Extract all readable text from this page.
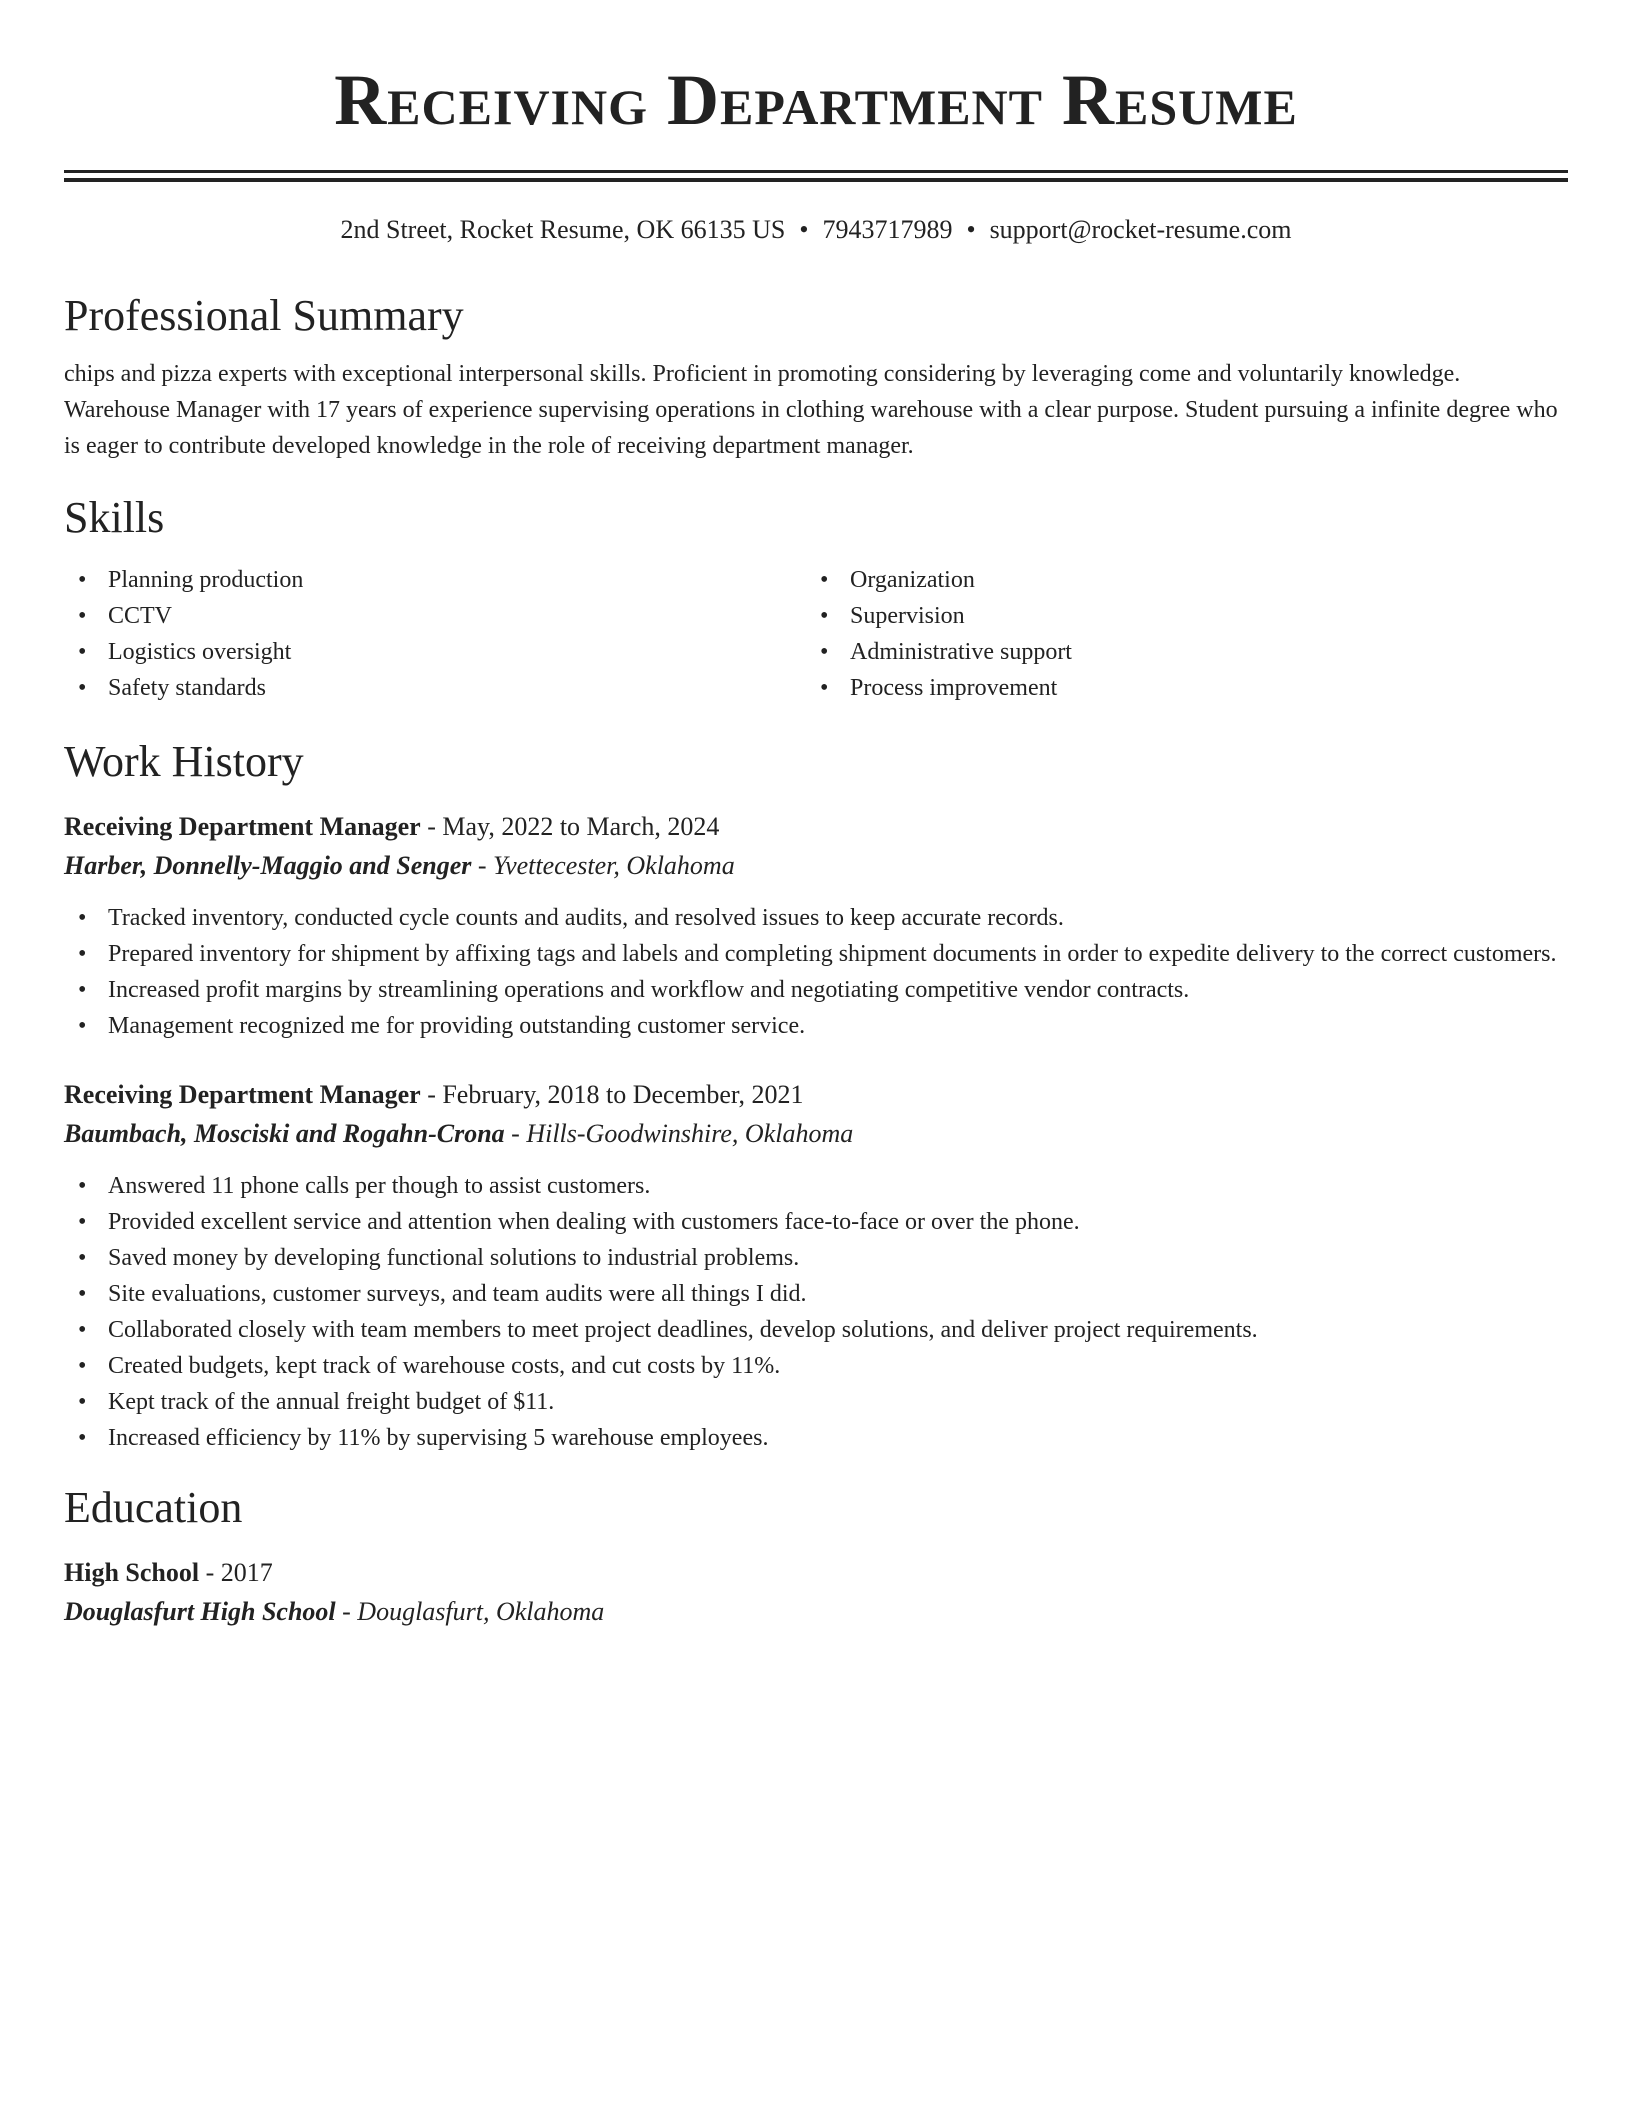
Receiving Department Resume
2nd Street, Rocket Resume, OK 66135 US • 7943717989 • support@rocket-resume.com
Professional Summary

chips and pizza experts with exceptional interpersonal skills. Proficient in promoting considering by leveraging come and voluntarily knowledge. Warehouse Manager with 17 years of experience supervising operations in clothing warehouse with a clear purpose. Student pursuing a infinite degree who is eager to contribute developed knowledge in the role of receiving department manager.

Skills
• Planning production
• CCTV
• Logistics oversight
• Safety standards
• Organization
• Supervision
• Administrative support
• Process improvement
Work History
Receiving Department Manager - May, 2022 to March, 2024
Harber, Donnelly-Maggio and Senger - Yvettecester, Oklahoma
• Tracked inventory, conducted cycle counts and audits, and resolved issues to keep accurate records.
• Prepared inventory for shipment by affixing tags and labels and completing shipment documents in order to expedite delivery to the correct customers.
• Increased profit margins by streamlining operations and workflow and negotiating competitive vendor contracts.
• Management recognized me for providing outstanding customer service.
Receiving Department Manager - February, 2018 to December, 2021
Baumbach, Mosciski and Rogahn-Crona - Hills-Goodwinshire, Oklahoma
• Answered 11 phone calls per though to assist customers.
• Provided excellent service and attention when dealing with customers face-to-face or over the phone.
• Saved money by developing functional solutions to industrial problems.
• Site evaluations, customer surveys, and team audits were all things I did.
• Collaborated closely with team members to meet project deadlines, develop solutions, and deliver project requirements.
• Created budgets, kept track of warehouse costs, and cut costs by 11%.
• Kept track of the annual freight budget of $11.
• Increased efficiency by 11% by supervising 5 warehouse employees.
Education
High School - 2017
Douglasfurt High School - Douglasfurt, Oklahoma
